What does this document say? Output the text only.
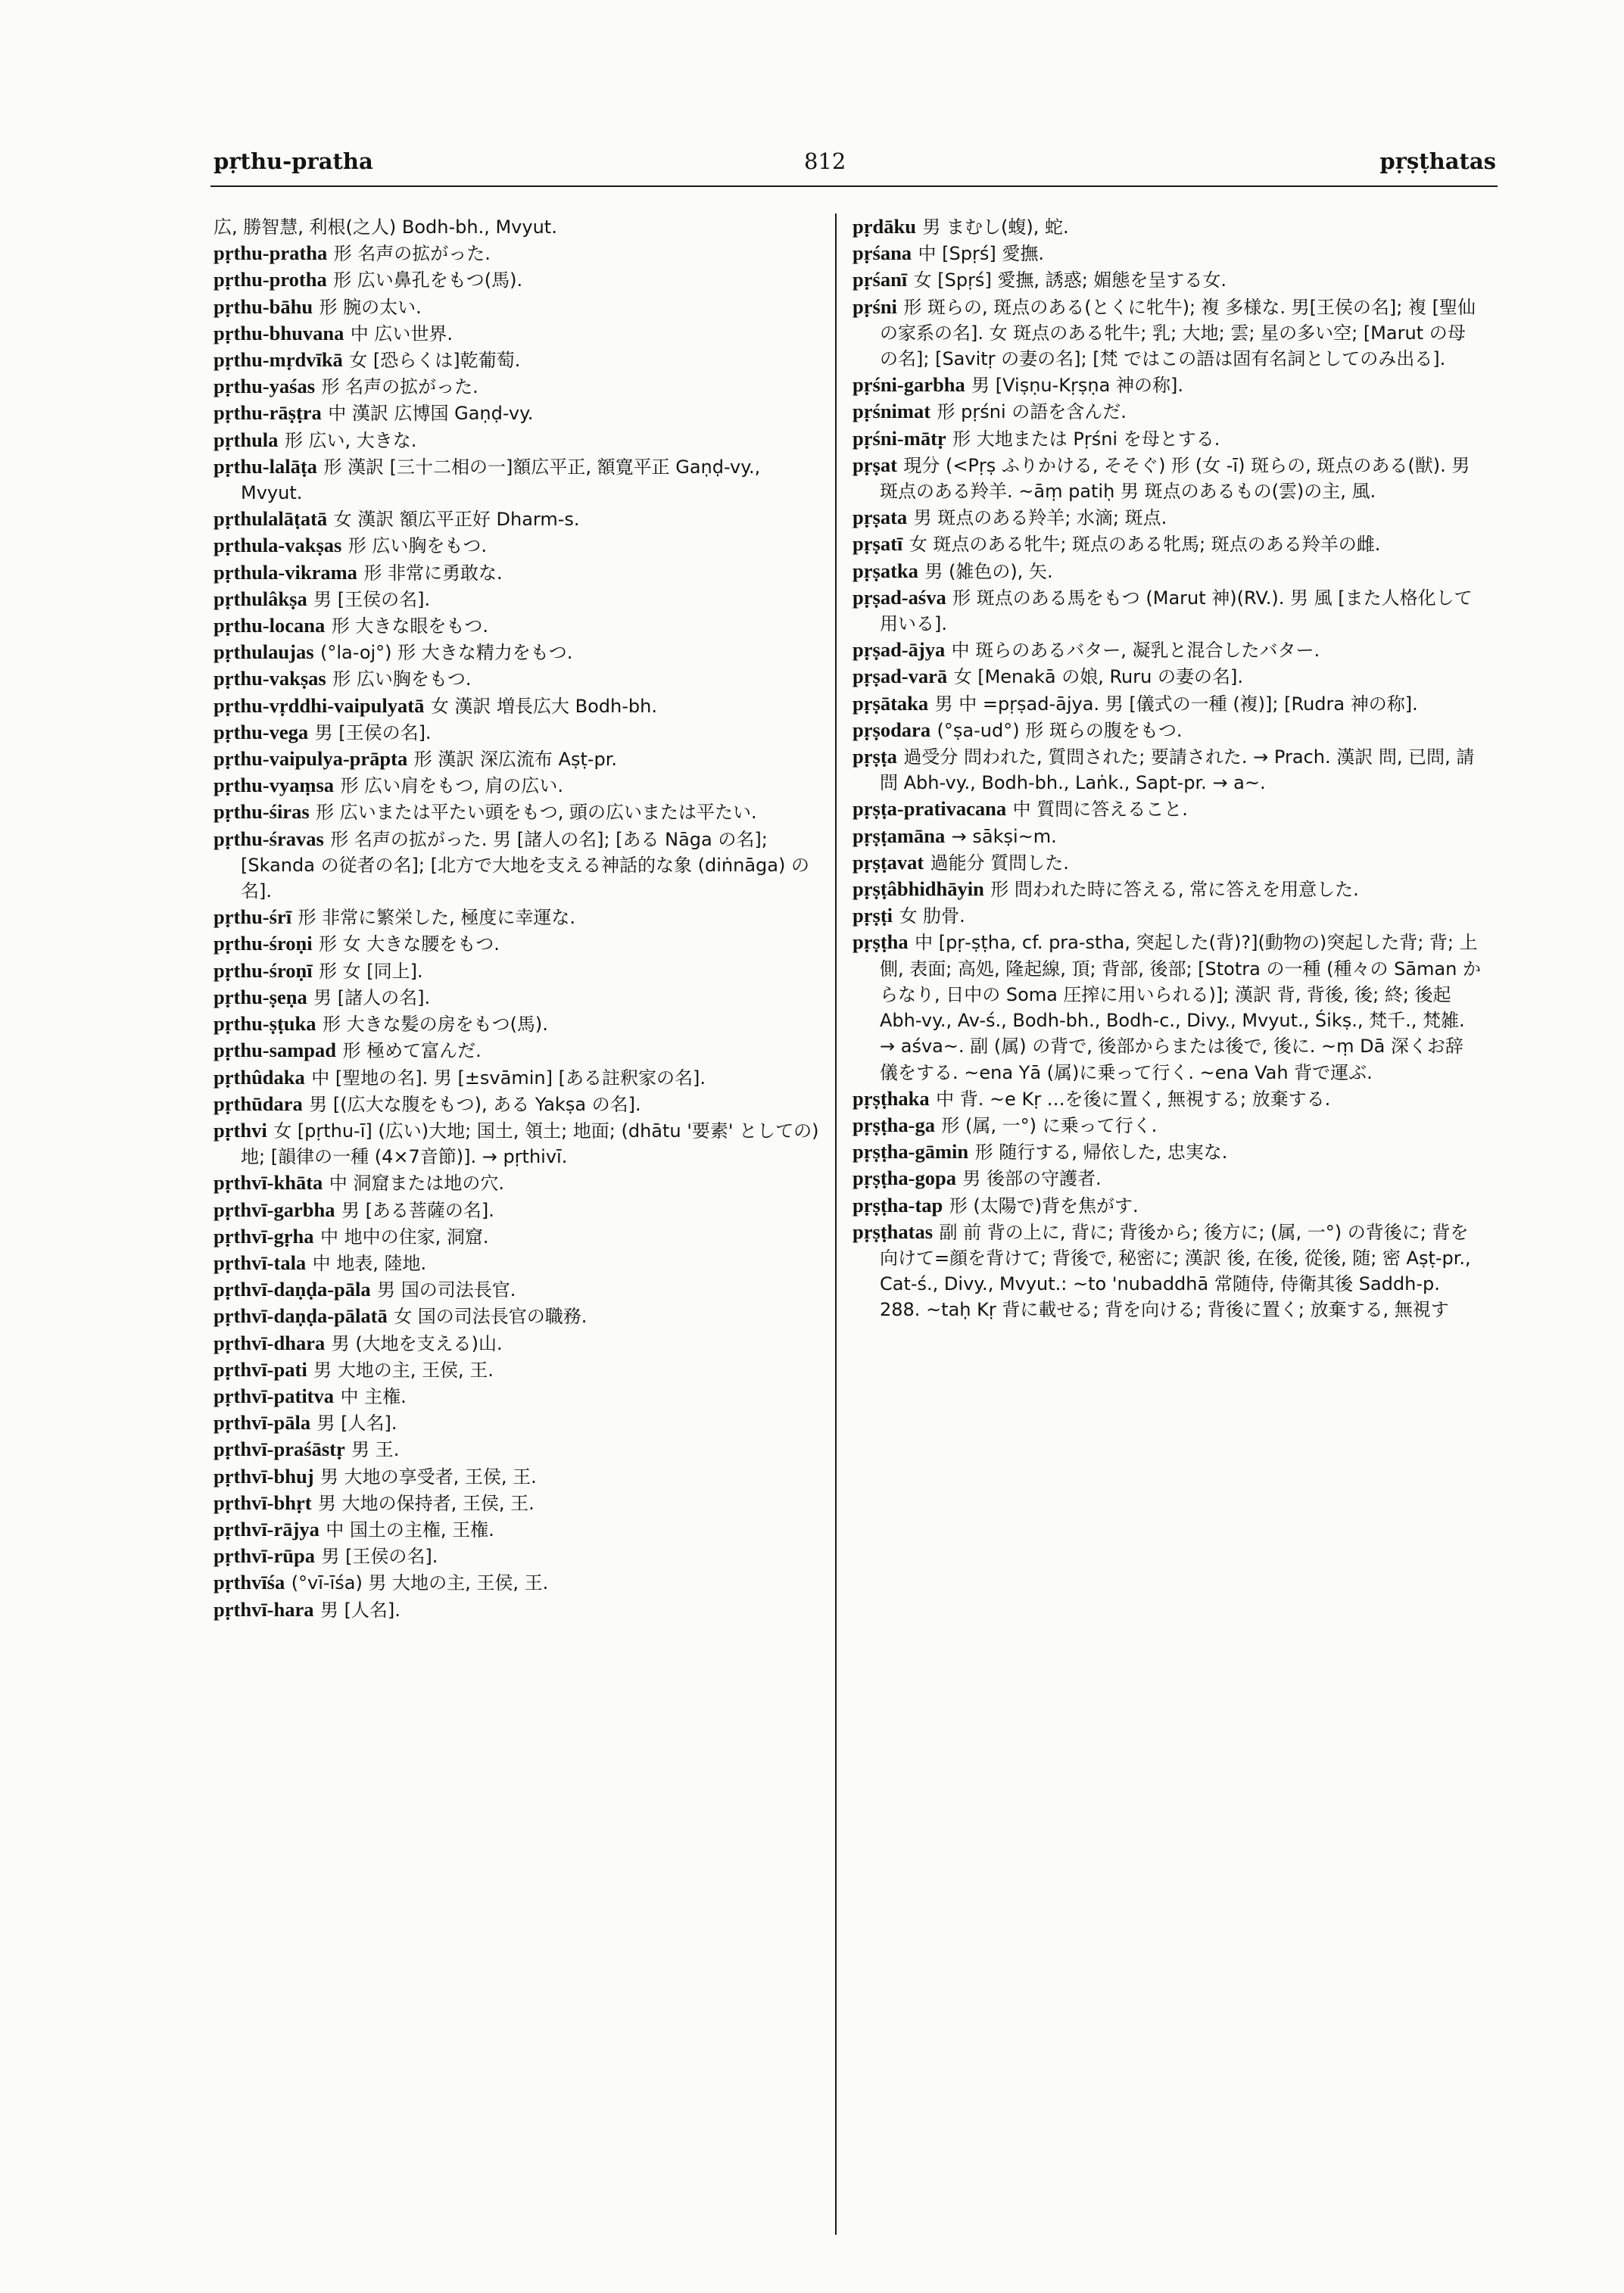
pṛthu-pratha	812	pṛṣṭhatas

広, 勝智慧, 利根(之人) Bodh-bh., Mvyut.

pṛthu-pratha 形 名声の拡がった.

pṛthu-protha 形 広い鼻孔をもつ(馬).

pṛthu-bāhu 形 腕の太い.

pṛthu-bhuvana 中 広い世界.

pṛthu-mṛdvīkā 女 [恐らくは]乾葡萄.

pṛthu-yaśas 形 名声の拡がった.

pṛthu-rāṣṭra 中 漢訳 広博国 Gaṇḍ-vy.

pṛthula 形 広い, 大きな.

pṛthu-lalāṭa 形 漢訳 [三十二相の一]額広平正, 額寛平正 Gaṇḍ-vy., Mvyut.

pṛthulalāṭatā 女 漢訳 額広平正好 Dharm-s.

pṛthula-vakṣas 形 広い胸をもつ.

pṛthula-vikrama 形 非常に勇敢な.

pṛthulâkṣa 男 [王侯の名].

pṛthu-locana 形 大きな眼をもつ.

pṛthulaujas (°la-oj°) 形 大きな精力をもつ.

pṛthu-vakṣas 形 広い胸をもつ.

pṛthu-vṛddhi-vaipulyatā 女 漢訳 増長広大 Bodh-bh.

pṛthu-vega 男 [王侯の名].

pṛthu-vaipulya-prāpta 形 漢訳 深広流布 Aṣṭ-pr.

pṛthu-vyaṃsa 形 広い肩をもつ, 肩の広い.

pṛthu-śiras 形 広いまたは平たい頭をもつ, 頭の広いまたは平たい.

pṛthu-śravas 形 名声の拡がった. 男 [諸人の名]; [ある Nāga の名]; [Skanda の従者の名]; [北方で大地を支える神話的な象 (diṅnāga) の名].

pṛthu-śrī 形 非常に繁栄した, 極度に幸運な.

pṛthu-śroṇi 形 女 大きな腰をもつ.

pṛthu-śroṇī 形 女 [同上].

pṛthu-ṣeṇa 男 [諸人の名].

pṛthu-ṣṭuka 形 大きな髪の房をもつ(馬).

pṛthu-sampad 形 極めて富んだ.

pṛthûdaka 中 [聖地の名]. 男 [±svāmin] [ある註釈家の名].

pṛthūdara 男 [(広大な腹をもつ), ある Yakṣa の名].

pṛthvi 女 [pṛthu-ī] (広い)大地; 国土, 領土; 地面; (dhātu '要素' としての)地; [韻律の一種 (4×7音節)]. → pṛthivī.

pṛthvī-khāta 中 洞窟または地の穴.

pṛthvī-garbha 男 [ある菩薩の名].

pṛthvī-gṛha 中 地中の住家, 洞窟.

pṛthvī-tala 中 地表, 陸地.

pṛthvī-daṇḍa-pāla 男 国の司法長官.

pṛthvī-daṇḍa-pālatā 女 国の司法長官の職務.

pṛthvī-dhara 男 (大地を支える)山.

pṛthvī-pati 男 大地の主, 王侯, 王.

pṛthvī-patitva 中 主権.

pṛthvī-pāla 男 [人名].

pṛthvī-praśāstṛ 男 王.

pṛthvī-bhuj 男 大地の享受者, 王侯, 王.

pṛthvī-bhṛt 男 大地の保持者, 王侯, 王.

pṛthvī-rājya 中 国土の主権, 王権.

pṛthvī-rūpa 男 [王侯の名].

pṛthvīśa (°vī-īśa) 男 大地の主, 王侯, 王.

pṛthvī-hara 男 [人名].

pṛdāku 男 まむし(蝮), 蛇.

pṛśana 中 [Spṛś] 愛撫.

pṛśanī 女 [Spṛś] 愛撫, 誘惑; 媚態を呈する女.

pṛśni 形 斑らの, 斑点のある(とくに牝牛); 複 多様な. 男[王侯の名]; 複 [聖仙の家系の名]. 女 斑点のある牝牛; 乳; 大地; 雲; 星の多い空; [Marut の母の名]; [Savitṛ の妻の名]; [梵 ではこの語は固有名詞としてのみ出る].

pṛśni-garbha 男 [Viṣṇu-Kṛṣṇa 神の称].

pṛśnimat 形 pṛśni の語を含んだ.

pṛśni-mātṛ 形 大地または Pṛśni を母とする.

pṛṣat 現分 (<Pṛṣ ふりかける, そそぐ) 形 (女 -ī) 斑らの, 斑点のある(獣). 男 斑点のある羚羊. ~āṃ patiḥ 男 斑点のあるもの(雲)の主, 風.

pṛṣata 男 斑点のある羚羊; 水滴; 斑点.

pṛṣatī 女 斑点のある牝牛; 斑点のある牝馬; 斑点のある羚羊の雌.

pṛṣatka 男 (雑色の), 矢.

pṛṣad-aśva 形 斑点のある馬をもつ (Marut 神)(RV.). 男 風 [また人格化して用いる].

pṛṣad-ājya 中 斑らのあるバター, 凝乳と混合したバター.

pṛṣad-varā 女 [Menakā の娘, Ruru の妻の名].

pṛṣātaka 男 中 =pṛṣad-ājya. 男 [儀式の一種 (複)]; [Rudra 神の称].

pṛṣodara (°ṣa-ud°) 形 斑らの腹をもつ.

pṛṣṭa 過受分 問われた, 質問された; 要請された. → Prach. 漢訳 問, 已問, 請問 Abh-vy., Bodh-bh., Laṅk., Sapt-pr. → a~.

pṛṣṭa-prativacana 中 質問に答えること.

pṛṣṭamāna → sākṣi~m.

pṛṣṭavat 過能分 質問した.

pṛṣṭâbhidhāyin 形 問われた時に答える, 常に答えを用意した.

pṛṣṭi 女 肋骨.

pṛṣṭha 中 [pṛ-ṣṭha, cf. pra-stha, 突起した(背)?](動物の)突起した背; 背; 上側, 表面; 高処, 隆起線, 頂; 背部, 後部; [Stotra の一種 (種々の Sāman からなり, 日中の Soma 圧搾に用いられる)]; 漢訳 背, 背後, 後; 終; 後起 Abh-vy., Av-ś., Bodh-bh., Bodh-c., Divy., Mvyut., Śikṣ., 梵千., 梵雑. → aśva~. 副 (属) の背で, 後部からまたは後で, 後に. ~ṃ Dā 深くお辞儀をする. ~ena Yā (属)に乗って行く. ~ena Vah 背で運ぶ.

pṛṣṭhaka 中 背. ~e Kṛ …を後に置く, 無視する; 放棄する.

pṛṣṭha-ga 形 (属, 一°) に乗って行く.

pṛṣṭha-gāmin 形 随行する, 帰依した, 忠実な.

pṛṣṭha-gopa 男 後部の守護者.

pṛṣṭha-tap 形 (太陽で)背を焦がす.

pṛṣṭhatas 副 前 背の上に, 背に; 背後から; 後方に; (属, 一°) の背後に; 背を向けて=顔を背けて; 背後で, 秘密に; 漢訳 後, 在後, 從後, 随; 密 Aṣṭ-pr., Cat-ś., Divy., Mvyut.: ~to 'nubaddhā 常随侍, 侍衛其後 Saddh-p. 288. ~taḥ Kṛ 背に載せる; 背を向ける; 背後に置く; 放棄する, 無視す
